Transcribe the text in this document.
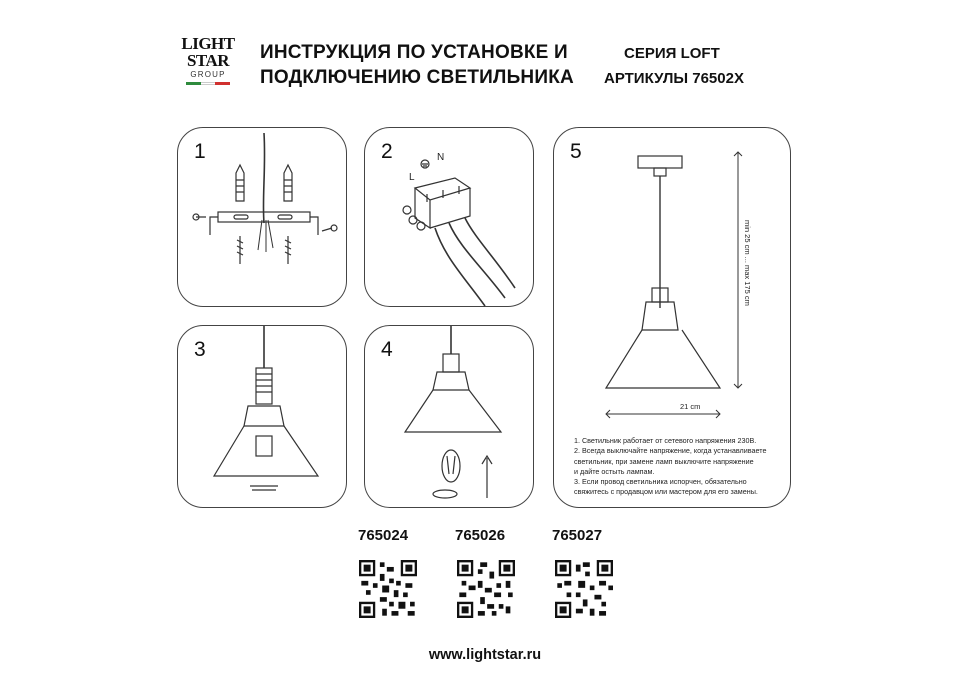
LIGHT
STAR
GROUP
ИНСТРУКЦИЯ ПО УСТАНОВКЕ И
ПОДКЛЮЧЕНИЮ СВЕТИЛЬНИКА
СЕРИЯ LOFT
АРТИКУЛЫ 76502X
1	2
L
N
3	4
5
21 cm
min 25 cm ... max 175 cm
1. Светильник работает от сетевого напряжения 230В.
2. Всегда выключайте напряжение, когда устанавливаете
светильник, при замене ламп выключите напряжение
и дайте остыть лампам.
3. Если провод светильника испорчен, обязательно
свяжитесь с продавцом или мастером для его замены.
765024	765026	765027
www.lightstar.ru
